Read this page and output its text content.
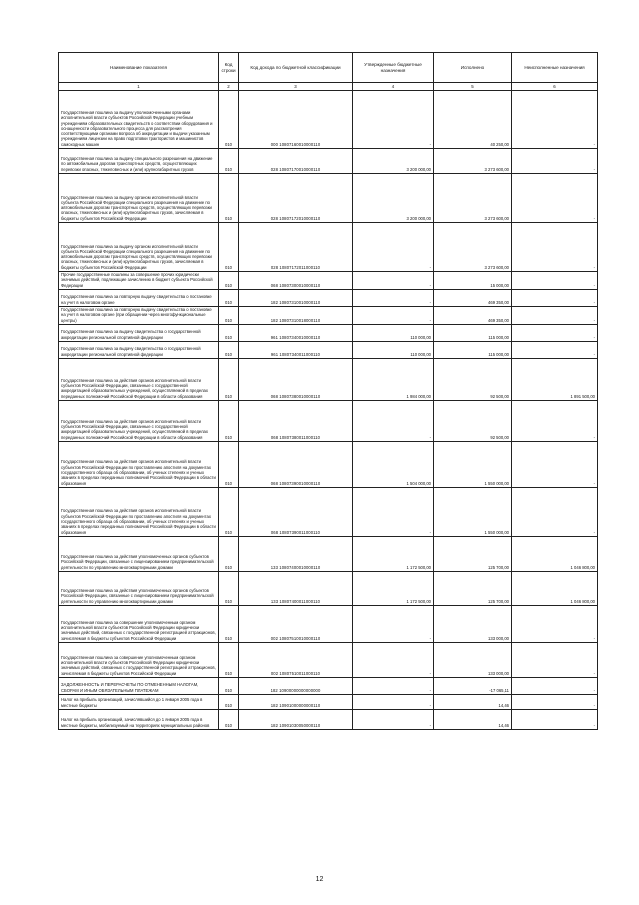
Наименование показателя	Код строки	Код дохода по бюджетной классификации	Утвержденные бюджетные назначения	Исполнено	Неисполненные назначения
1	2	3	4	5	6
Государственная пошлина за выдачу уполномоченными органами исполнительной власти субъектов Российской Федерации учебным учреждениям образовательных свидетельств о соответствии оборудования и оснащенности образовательного процесса для рассмотрения соответствующими органами вопроса об аккредитации и выдачи указанным учреждениям лицензии на право подготовки трактористов и машинистов самоходных машин	010	000 10807160010000110	-	40 250,00	-
Государственная пошлина за выдачу специального разрешения на движение по автомобильным дорогам транспортных средств, осуществляющих перевозки опасных, тяжеловесных и (или) крупногабаритных грузов	010	028 10807170010000110	3 200 000,00	3 273 600,00	-
Государственная пошлина за выдачу органом исполнительной власти субъекта Российской Федерации специального разрешения на движение по автомобильным дорогам транспортных средств, осуществляющих перевозки опасных, тяжеловесных и (или) крупногабаритных грузов, зачисляемая в бюджеты субъектов Российской Федерации	010	028 10807172010000110	3 200 000,00	3 273 600,00	-
Государственная пошлина за выдачу органом исполнительной власти субъекта Российской Федерации специального разрешения на движение по автомобильным дорогам транспортных средств, осуществляющих перевозки опасных, тяжеловесных и (или) крупногабаритных грузов, зачисляемая в бюджеты субъектов Российской Федерации	010	028 10807172011000110	-	3 273 600,00	-
Прочие государственные пошлины за совершение прочих юридически значимых действий, подлежащие зачислению в бюджет субъекта Российской Федерации	010	068 10807300010000110	-	15 000,00	-
Государственная пошлина за повторную выдачу свидетельства о постановке на учет в налоговом органе	010	182 10807310010000110	-	469 350,00	-
Государственная пошлина за повторную выдачу свидетельства о постановке на учет в налоговом органе (при обращении через многофункциональные центры)	010	182 10807310018000110	-	469 350,00	-
Государственная пошлина за выдачу свидетельства о государственной аккредитации региональной спортивной федерации	010	961 10807340010000110	110 000,00	115 000,00	-
Государственная пошлина за выдачу свидетельства о государственной аккредитации региональной спортивной федерации	010	961 10807340011000110	110 000,00	115 000,00	-
Государственная пошлина за действия органов исполнительной власти субъектов Российской Федерации, связанные с государственной аккредитацией образовательных учреждений, осуществляемой в пределах переданных полномочий Российской Федерации в области образования	010	068 10807380010000110	1 984 000,00	92 500,00	1 891 500,00
Государственная пошлина за действия органов исполнительной власти субъектов Российской Федерации, связанные с государственной аккредитацией образовательных учреждений, осуществляемой в пределах переданных полномочий Российской Федерации в области образования	010	068 10807380011000110	-	92 500,00	-
Государственная пошлина за действия органов исполнительной власти субъектов Российской Федерации по проставлению апостиля на документах государственного образца об образовании, об ученых степенях и ученых званиях в пределах переданных полномочий Российской Федерации в области образования	010	068 10807390010000110	1 504 000,00	1 550 000,00	-
Государственная пошлина за действия органов исполнительной власти субъектов Российской Федерации по проставлению апостиля на документах государственного образца об образовании, об ученых степенях и ученых званиях в пределах переданных полномочий Российской Федерации в области образования	010	068 10807390011000110	-	1 550 000,00	-
Государственная пошлина за действия уполномоченных органов субъектов Российской Федерации, связанные с лицензированием предпринимательской деятельности по управлению многоквартирными домами	010	133 10807400010000110	1 172 500,00	125 700,00	1 046 800,00
Государственная пошлина за действия уполномоченных органов субъектов Российской Федерации, связанные с лицензированием предпринимательской деятельности по управлению многоквартирными домами	010	133 10807400011000110	1 172 500,00	125 700,00	1 046 800,00
Государственная пошлина за совершение уполномоченным органом исполнительной власти субъектов Российской Федерации юридически значимых действий, связанных с государственной регистрацией аттракционов, зачисляемая в бюджеты субъектов Российской Федерации	010	002 10807510010000110	-	133 000,00	-
Государственная пошлина за совершение уполномоченным органом исполнительной власти субъектов Российской Федерации юридически значимых действий, связанных с государственной регистрацией аттракционов, зачисляемая в бюджеты субъектов Российской Федерации	010	002 10807510011000110	-	133 000,00	-
ЗАДОЛЖЕННОСТЬ И ПЕРЕРАСЧЕТЫ ПО ОТМЕНЕННЫМ НАЛОГАМ, СБОРАМ И ИНЫМ ОБЯЗАТЕЛЬНЫМ ПЛАТЕЖАМ	010	182 10900000000000000	-	-17 065,11	-
Налог на прибыль организаций, зачислявшийся до 1 января 2005 года в местные бюджеты	010	182 10901000000000110	-	14,46	-
Налог на прибыль организаций, зачислявшийся до 1 января 2005 года в местные бюджеты, мобилизуемый на территориях муниципальных районов	010	182 10901030050000110	-	14,46	-
12
